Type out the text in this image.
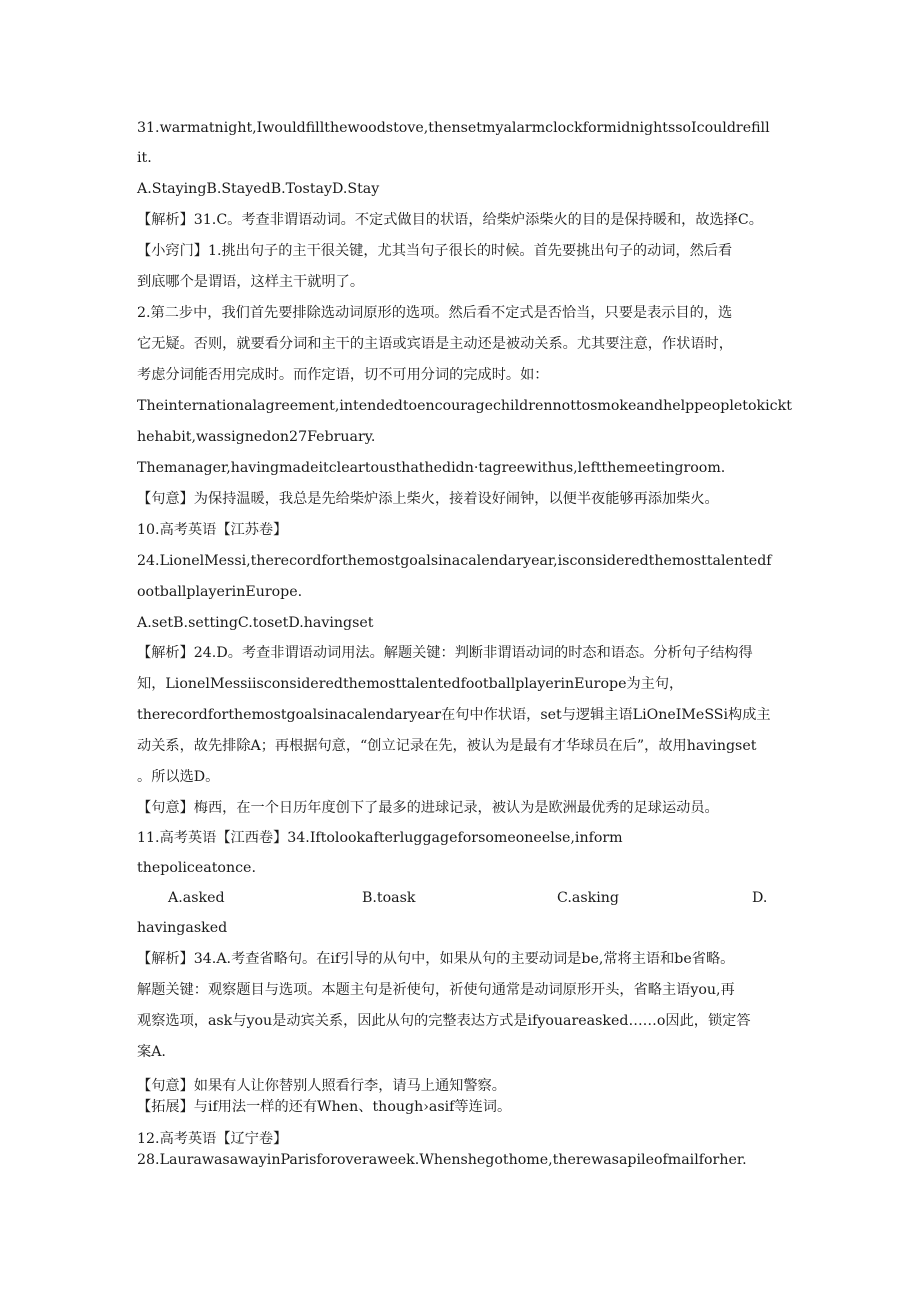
31.warmatnight,Iwouldfillthewoodstove,thensetmyalarmclockformidnightssoIcouldrefill
it.
A.StayingB.StayedB.TostayD.Stay
【解析】31.C。考查非谓语动词。不定式做目的状语，给柴炉添柴火的目的是保持暖和，故选择C。
【小窍门】1.挑出句子的主干很关键，尤其当句子很长的时候。首先要挑出句子的动词，然后看
到底哪个是谓语，这样主干就明了。
2.第二步中，我们首先要排除选动词原形的选项。然后看不定式是否恰当，只要是表示目的，选
它无疑。否则，就要看分词和主干的主语或宾语是主动还是被动关系。尤其要注意，作状语时，
考虑分词能否用完成时。而作定语，切不可用分词的完成时。如：
Theinternationalagreement,intendedtoencouragechildrennottosmokeandhelppeopletokickt
hehabit,wassignedon27February.
Themanager,havingmadeitcleartousthathedidn·tagreewithus,leftthemeetingroom.
【句意】为保持温暖，我总是先给柴炉添上柴火，接着设好闹钟，以便半夜能够再添加柴火。
10.高考英语【江苏卷】
24.LionelMessi,therecordforthemostgoalsinacalendaryear,isconsideredthemosttalentedf
ootballplayerinEurope.
A.setB.settingC.tosetD.havingset
【解析】24.D。考查非谓语动词用法。解题关键：判断非谓语动词的时态和语态。分析句子结构得
知，LionelMessiisconsideredthemosttalentedfootballplayerinEurope为主句，
therecordforthemostgoalsinacalendaryear在句中作状语，set与逻辑主语LiOneIMeSSi构成主
动关系，故先排除A；再根据句意，“创立记录在先，被认为是最有才华球员在后”，故用havingset
。所以选D。
【句意】梅西，在一个日历年度创下了最多的进球记录，被认为是欧洲最优秀的足球运动员。
11.高考英语【江西卷】34.Iftolookafterluggageforsomeoneelse,inform
thepoliceatonce.
A.asked	B.toask	C.asking	D.
havingasked
【解析】34.A.考查省略句。在if引导的从句中，如果从句的主要动词是be,常将主语和be省略。
解题关键：观察题目与选项。本题主句是祈使句，祈使句通常是动词原形开头，省略主语you,再
观察选项，ask与you是动宾关系，因此从句的完整表达方式是ifyouareasked……o因此，锁定答
案A.
【句意】如果有人让你替别人照看行李，请马上通知警察。
【拓展】与if用法一样的还有When、though›asif等连词。
12.高考英语【辽宁卷】
28.LaurawasawayinParisforoveraweek.Whenshegothome,therewasapileofmailforher.
